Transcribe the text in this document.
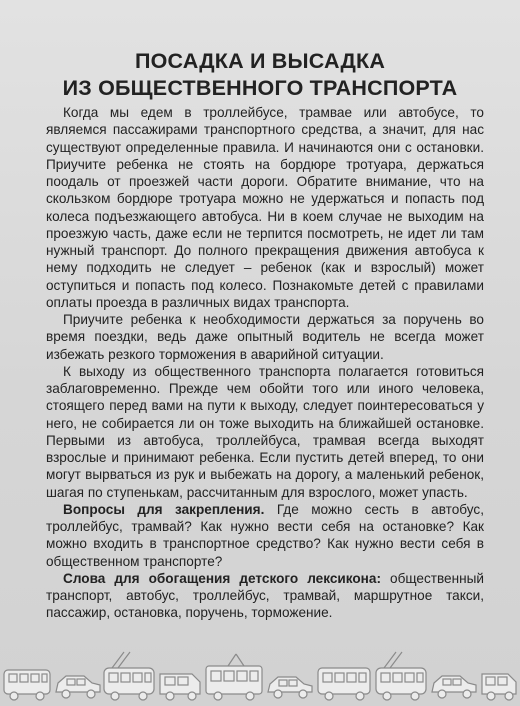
ПОСАДКА И ВЫСАДКА
ИЗ ОБЩЕСТВЕННОГО ТРАНСПОРТА

Когда мы едем в троллейбусе, трамвае или автобусе, то являемся пассажирами транспортного средства, а значит, для нас существуют определенные правила. И начинаются они с остановки. Приучите ребенка не стоять на бордюре тротуара, держаться поодаль от проезжей части дороги. Обратите внимание, что на скользком бордюре тротуара можно не удержаться и попасть под колеса подъезжающего автобуса. Ни в коем случае не выходим на проезжую часть, даже если не терпится посмотреть, не идет ли там нужный транспорт. До полного прекращения движения автобуса к нему подходить не следует – ребенок (как и взрослый) может оступиться и попасть под колесо. Познакомьте детей с правилами оплаты проезда в различных видах транспорта.

Приучите ребенка к необходимости держаться за поручень во время поездки, ведь даже опытный водитель не всегда может избежать резкого торможения в аварийной ситуации.

К выходу из общественного транспорта полагается готовиться заблаговременно. Прежде чем обойти того или иного человека, стоящего перед вами на пути к выходу, следует поинтересоваться у него, не собирается ли он тоже выходить на ближайшей остановке. Первыми из автобуса, троллейбуса, трамвая всегда выходят взрослые и принимают ребенка. Если пустить детей вперед, то они могут вырваться из рук и выбежать на дорогу, а маленький ребенок, шагая по ступенькам, рассчитанным для взрослого, может упасть.

Вопросы для закрепления. Где можно сесть в автобус, троллейбус, трамвай? Как нужно вести себя на остановке? Как можно входить в транспортное средство? Как нужно вести себя в общественном транспорте?

Слова для обогащения детского лексикона: общественный транспорт, автобус, троллейбус, трамвай, маршрутное такси, пассажир, остановка, поручень, торможение.
